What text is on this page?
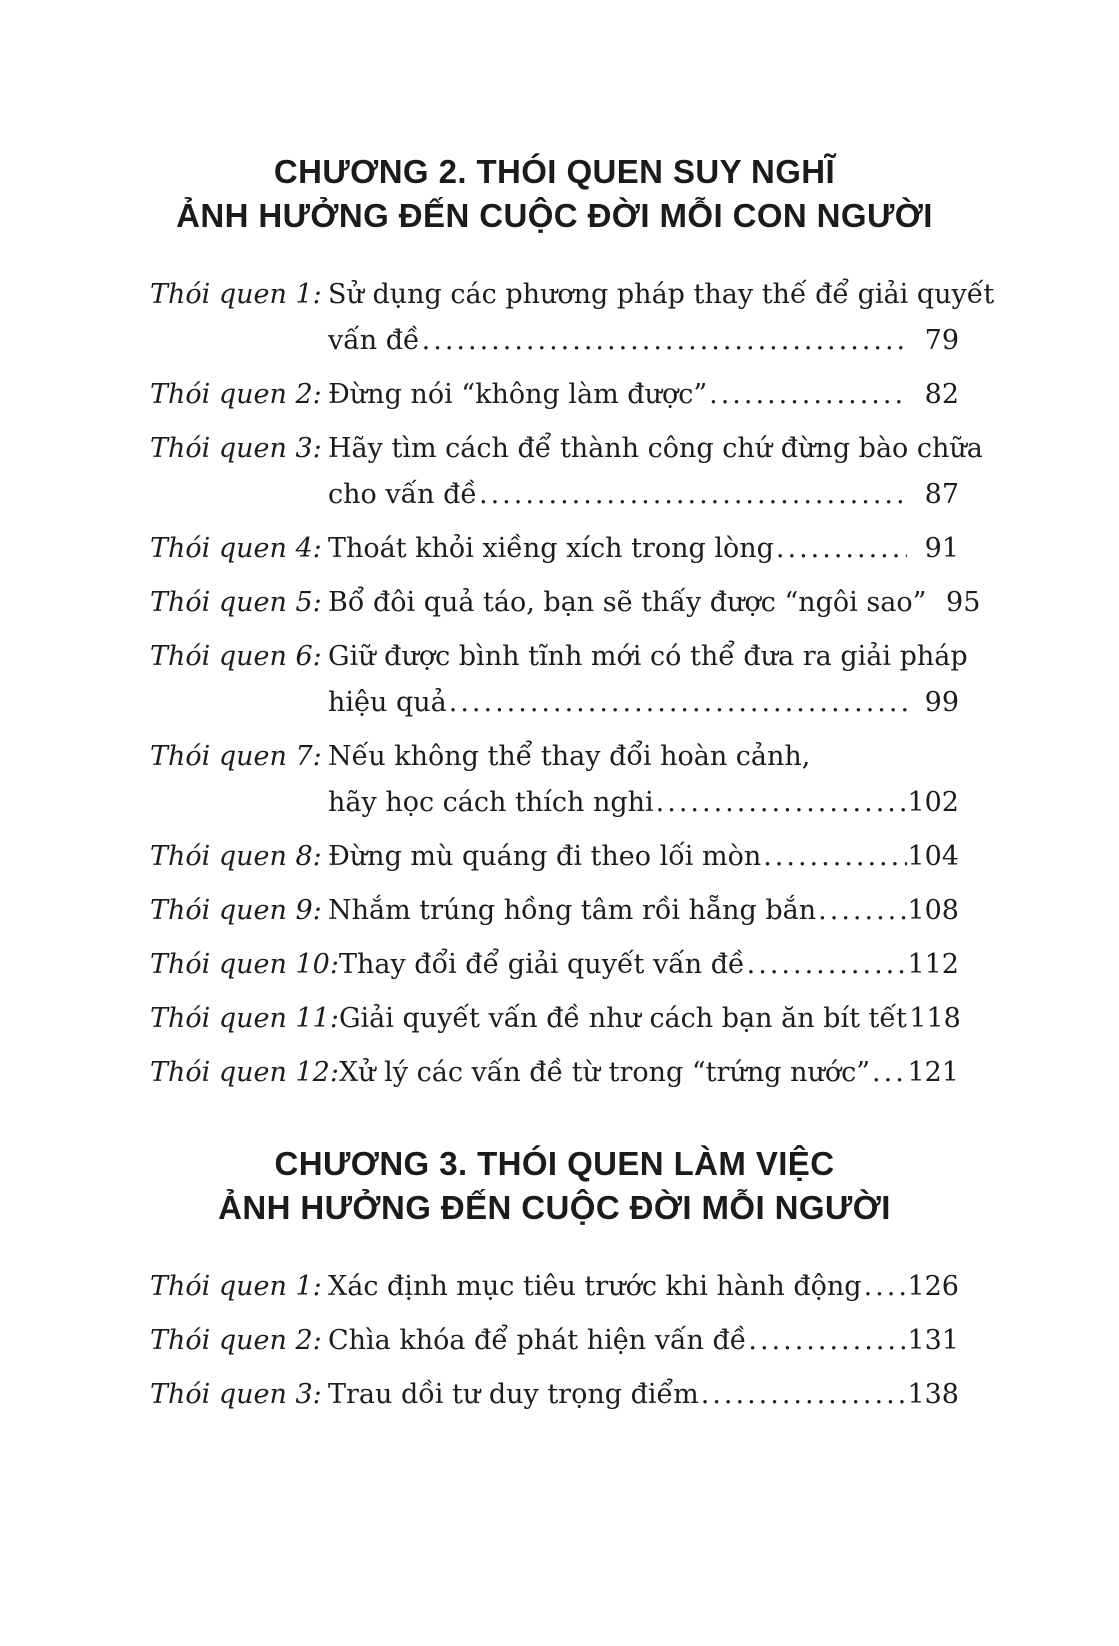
CHƯƠNG 2. THÓI QUEN SUY NGHĨ
ẢNH HƯỞNG ĐẾN CUỘC ĐỜI MỖI CON NGƯỜI
Thói quen 1: Sử dụng các phương pháp thay thế để giải quyết
vấn đề .....	79
Thói quen 2: Đừng nói “không làm được” .....	82
Thói quen 3: Hãy tìm cách để thành công chứ đừng bào chữa
cho vấn đề .....	87
Thói quen 4: Thoát khỏi xiềng xích trong lòng .....	91
Thói quen 5: Bổ đôi quả táo, bạn sẽ thấy được “ngôi sao” 95
Thói quen 6: Giữ được bình tĩnh mới có thể đưa ra giải pháp
hiệu quả .....	99
Thói quen 7: Nếu không thể thay đổi hoàn cảnh,
hãy học cách thích nghi .....	102
Thói quen 8: Đừng mù quáng đi theo lối mòn .....	104
Thói quen 9: Nhắm trúng hồng tâm rồi hẵng bắn .....	108
Thói quen 10: Thay đổi để giải quyết vấn đề .....	112
Thói quen 11: Giải quyết vấn đề như cách bạn ăn bít tết 118
Thói quen 12: Xử lý các vấn đề từ trong “trứng nước” ..... 121
CHƯƠNG 3. THÓI QUEN LÀM VIỆC
ẢNH HƯỞNG ĐẾN CUỘC ĐỜI MỖI NGƯỜI
Thói quen 1: Xác định mục tiêu trước khi hành động ..... 126
Thói quen 2: Chìa khóa để phát hiện vấn đề .....	131
Thói quen 3: Trau dồi tư duy trọng điểm .....	138
